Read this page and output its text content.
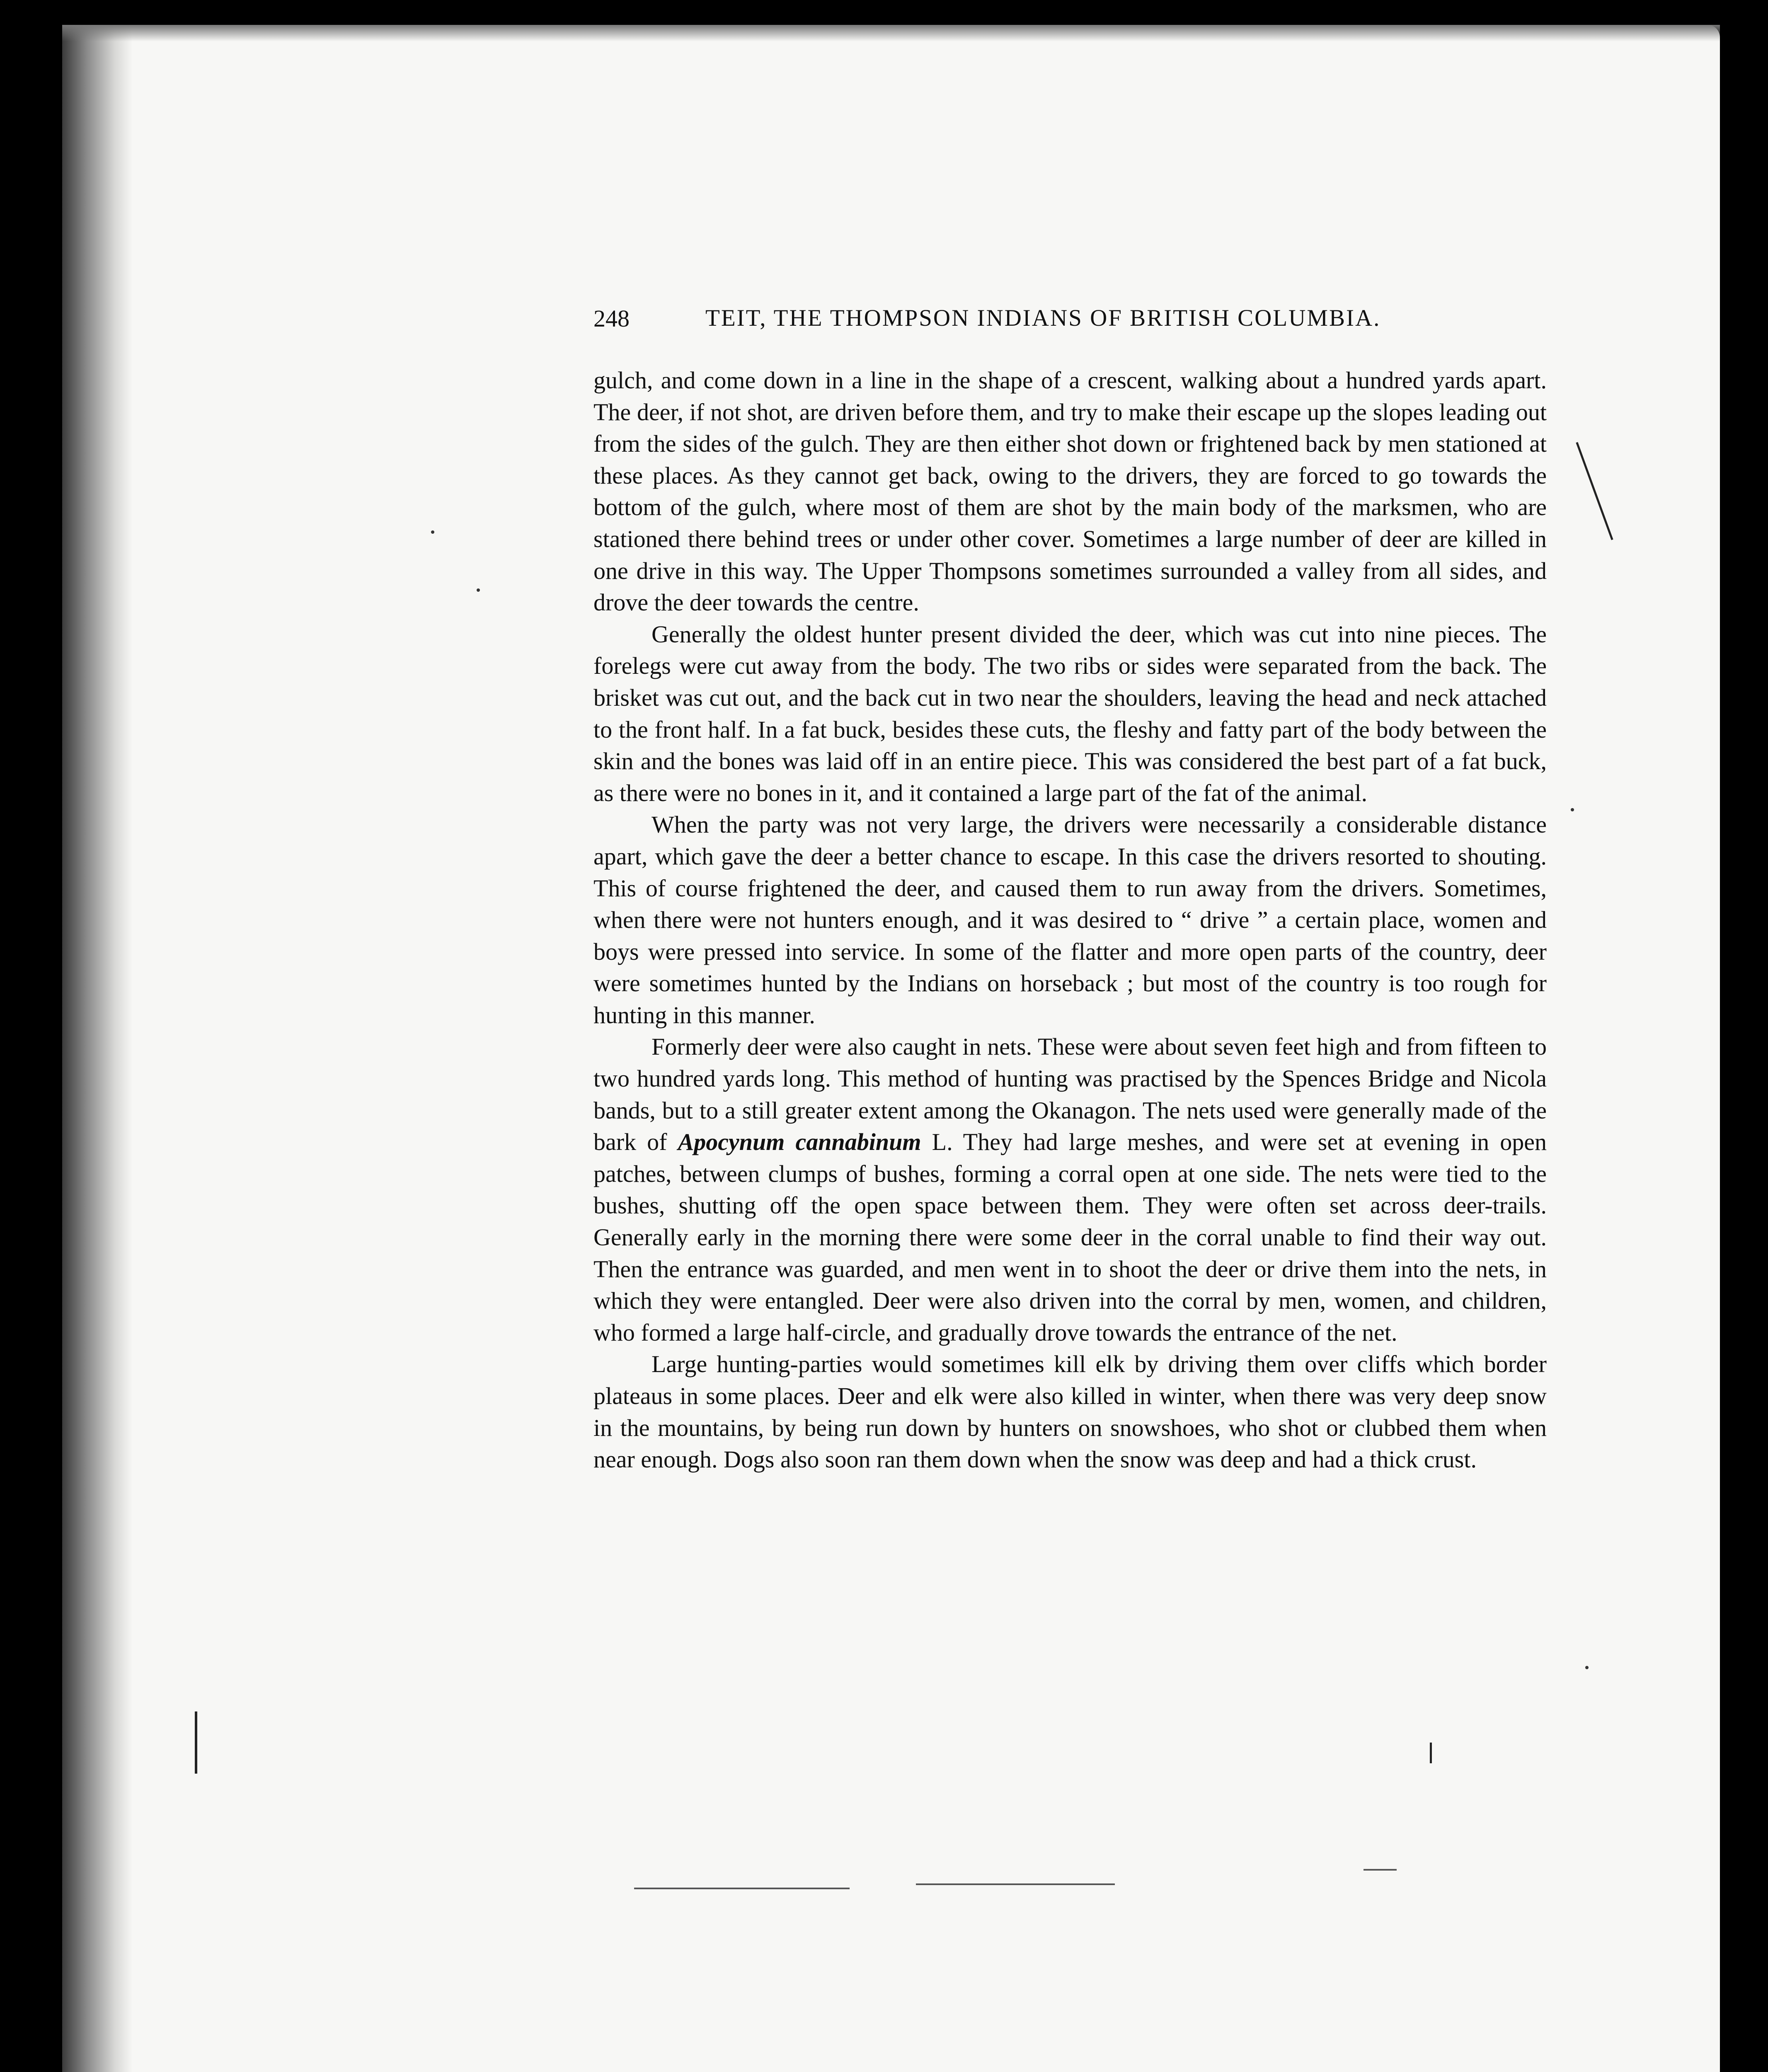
248	TEIT, THE THOMPSON INDIANS OF BRITISH COLUMBIA.

gulch, and come down in a line in the shape of a crescent, walking about a hundred yards apart. The deer, if not shot, are driven before them, and try to make their escape up the slopes leading out from the sides of the gulch. They are then either shot down or frightened back by men stationed at these places. As they cannot get back, owing to the drivers, they are forced to go towards the bottom of the gulch, where most of them are shot by the main body of the marksmen, who are stationed there behind trees or under other cover. Sometimes a large number of deer are killed in one drive in this way. The Upper Thompsons sometimes surrounded a valley from all sides, and drove the deer towards the centre.

Generally the oldest hunter present divided the deer, which was cut into nine pieces. The forelegs were cut away from the body. The two ribs or sides were separated from the back. The brisket was cut out, and the back cut in two near the shoulders, leaving the head and neck attached to the front half. In a fat buck, besides these cuts, the fleshy and fatty part of the body between the skin and the bones was laid off in an entire piece. This was considered the best part of a fat buck, as there were no bones in it, and it contained a large part of the fat of the animal.

When the party was not very large, the drivers were necessarily a considerable distance apart, which gave the deer a better chance to escape. In this case the drivers resorted to shouting. This of course frightened the deer, and caused them to run away from the drivers. Sometimes, when there were not hunters enough, and it was desired to “ drive ” a certain place, women and boys were pressed into service. In some of the flatter and more open parts of the country, deer were sometimes hunted by the Indians on horseback ; but most of the country is too rough for hunting in this manner.

Formerly deer were also caught in nets. These were about seven feet high and from fifteen to two hundred yards long. This method of hunting was practised by the Spences Bridge and Nicola bands, but to a still greater extent among the Okanagon. The nets used were generally made of the bark of Apocynum cannabinum L. They had large meshes, and were set at evening in open patches, between clumps of bushes, forming a corral open at one side. The nets were tied to the bushes, shutting off the open space between them. They were often set across deer-trails. Generally early in the morning there were some deer in the corral unable to find their way out. Then the entrance was guarded, and men went in to shoot the deer or drive them into the nets, in which they were entangled. Deer were also driven into the corral by men, women, and children, who formed a large half-circle, and gradually drove towards the entrance of the net.

Large hunting-parties would sometimes kill elk by driving them over cliffs which border plateaus in some places. Deer and elk were also killed in winter, when there was very deep snow in the mountains, by being run down by hunters on snowshoes, who shot or clubbed them when near enough. Dogs also soon ran them down when the snow was deep and had a thick crust.
